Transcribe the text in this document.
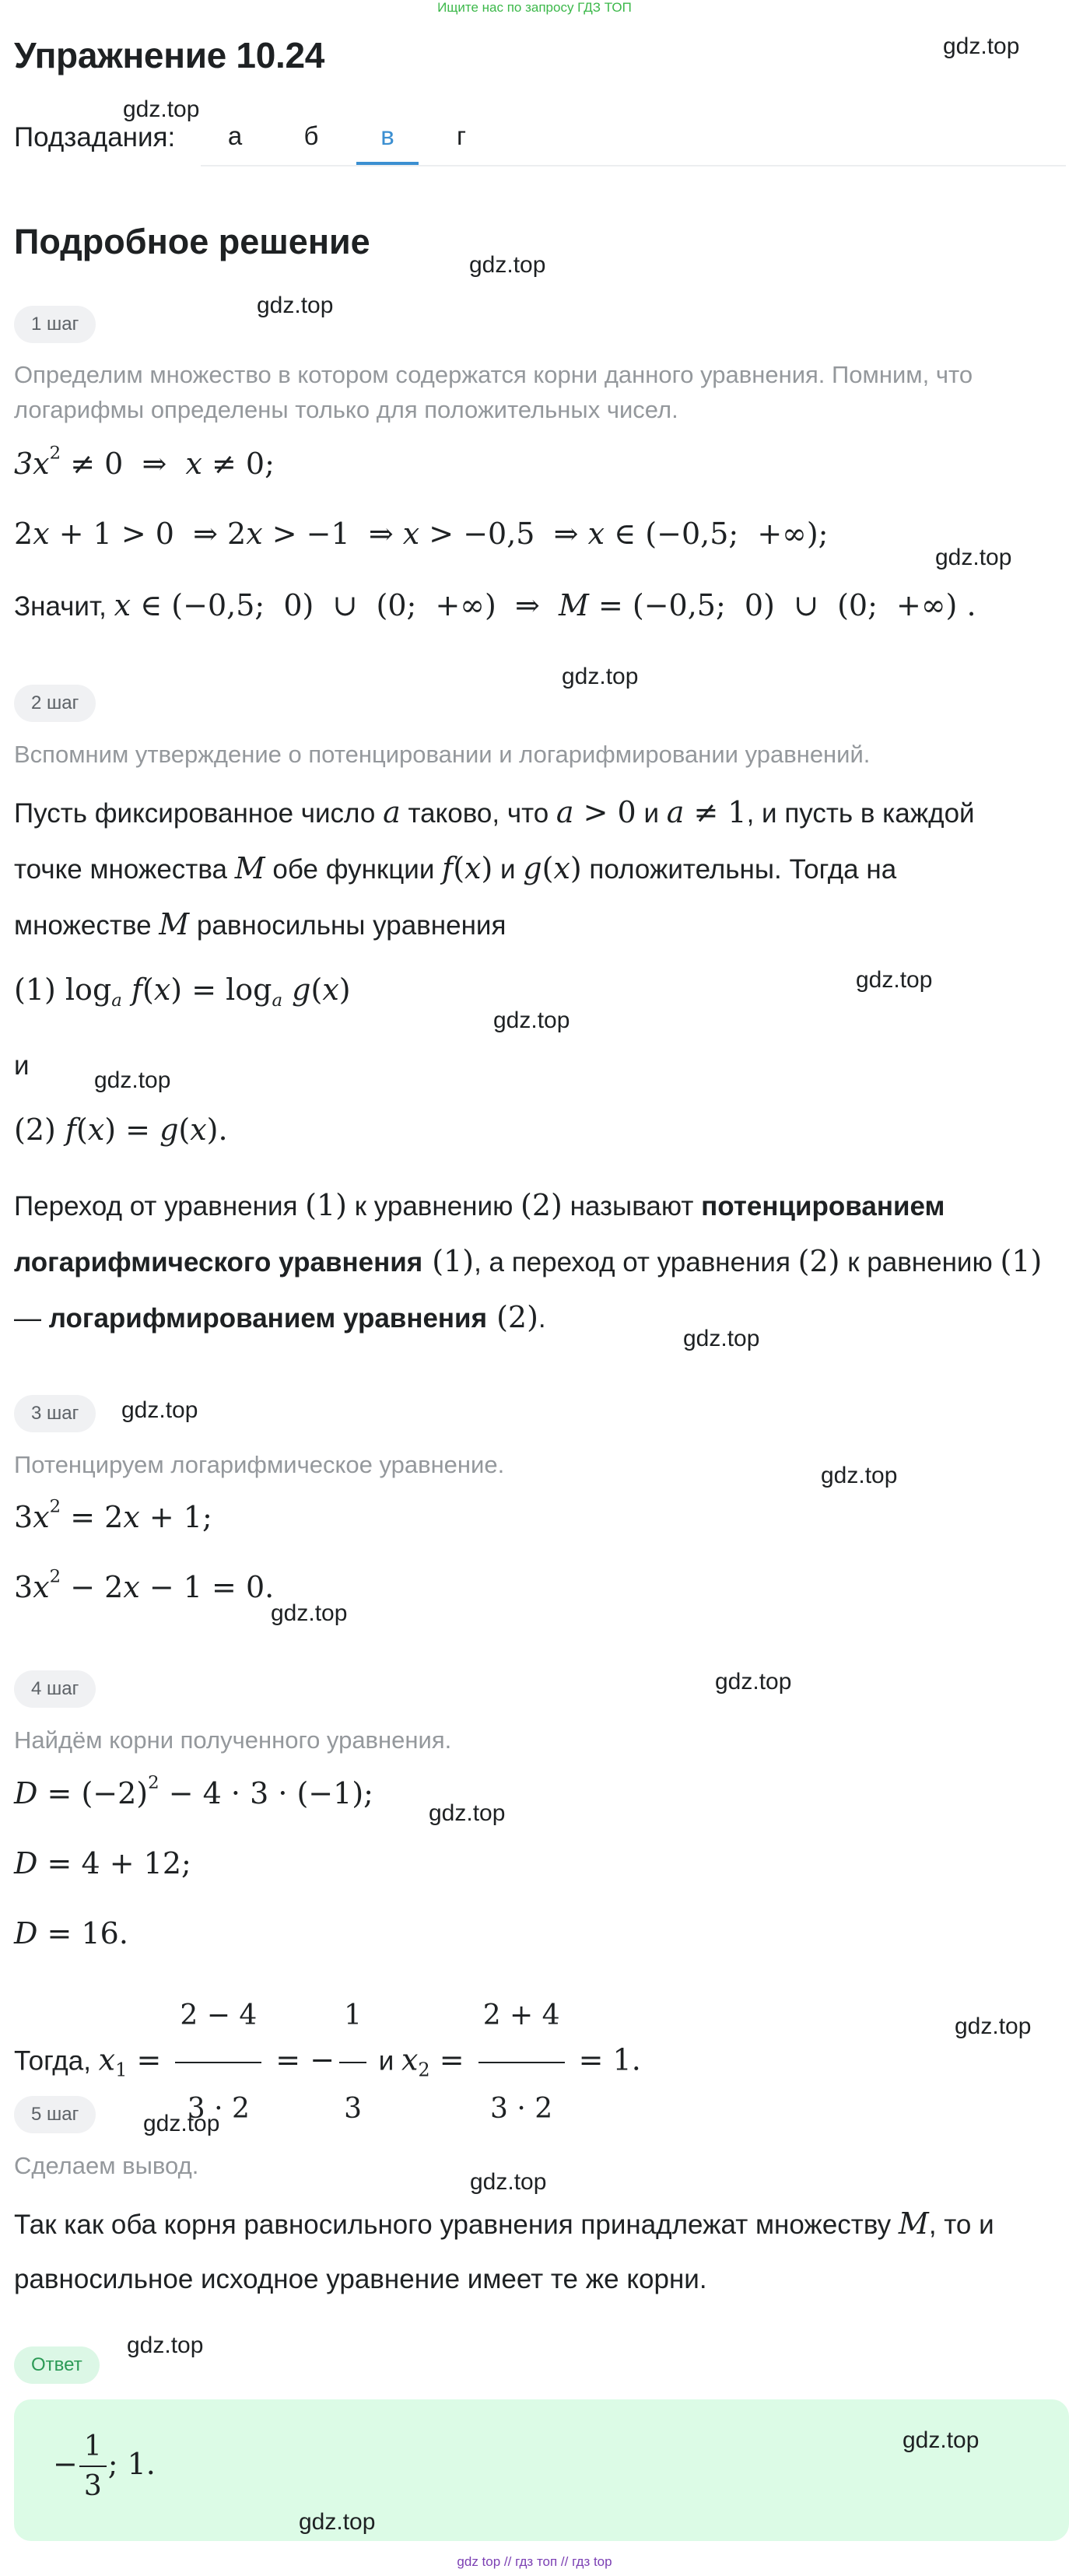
Ищите нас по запросу ГДЗ ТОП
Упражнение 10.24
Подзадания:	а	б	в	г
Подробное решение
1 шаг
Определим множество в котором содержатся корни данного уравнения. Помним, что логарифмы определены только для положительных чисел.
$3x^2 \ne 0$  ⇒  x ≠ 0;
2x + 1 > 0  ⇒ 2x > −1  ⇒ x > −0,5  ⇒ x ∈ (−0,5;  +∞);
Значит, x ∈ (−0,5;  0)  ∪  (0;  +∞)  ⇒  M = (−0,5;  0)  ∪  (0;  +∞) .
2 шаг
Вспомним утверждение о потенцировании и логарифмировании уравнений.
Пусть фиксированное число a таково, что a > 0 и a ≠ 1, и пусть в каждой
точке множества M обе функции f(x) и g(x) положительны. Тогда на
множестве M равносильны уравнения
(1) $\log_a f(x) = \log_a g(x)$
и
(2) f(x) = g(x).
Переход от уравнения (1) к уравнению (2) называют потенцированием
логарифмического уравнения (1), а переход от уравнения (2) к равнению (1)
— логарифмированием уравнения (2).
3 шаг
Потенцируем логарифмическое уравнение.
$3x^2 = 2x + 1$;
$3x^2 - 2x - 1 = 0$.
4 шаг
Найдём корни полученного уравнения.
$D = (-2)^2 - 4 \cdot 3 \cdot (-1)$;
D = 4 + 12;
D = 16.
Тогда, $x_1 = \frac{2 - 4}{3 \cdot 2}$ = − $\frac{1}{3}$ и $x_2 = \frac{2 + 4}{3 \cdot 2} = 1$.
5 шаг
Сделаем вывод.
Так как оба корня равносильного уравнения принадлежат множеству M, то и
равносильное исходное уравнение имеет те же корни.
Ответ
− $\frac{1}{3}$ ; 1.
gdz.top
gdz.top
gdz.top
gdz.top
gdz.top
gdz.top
gdz.top
gdz.top
gdz.top
gdz.top
gdz.top
gdz.top
gdz.top
gdz.top
gdz.top
gdz.top
gdz.top
gdz.top
gdz.top
gdz.top
gdz.top
gdz top // гдз топ // гдз top
